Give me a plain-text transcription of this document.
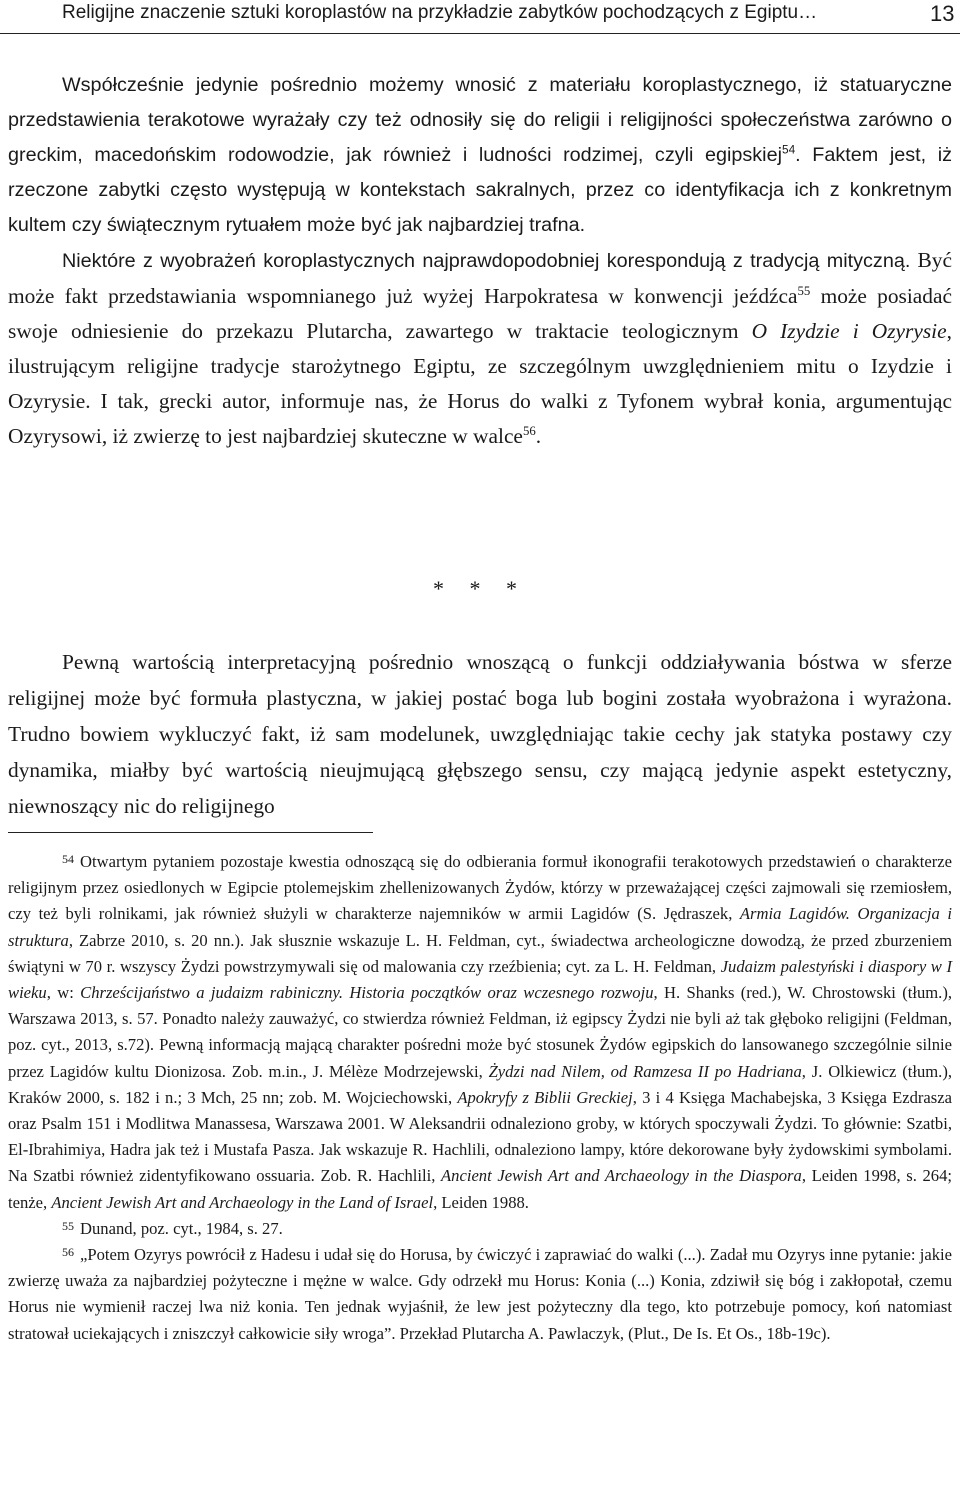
Religijne znaczenie sztuki koroplastów na przykładzie zabytków pochodzących z Egiptu…	13

Współcześnie jedynie pośrednio możemy wnosić z materiału koroplastycznego, iż statuaryczne przedstawienia terakotowe wyrażały czy też odnosiły się do religii i religijności społeczeństwa zarówno o greckim, macedońskim rodowodzie, jak również i ludności rodzimej, czyli egipskiej$^{54}$. Faktem jest, iż rzeczone zabytki często występują w kontekstach sakralnych, przez co identyfikacja ich z konkretnym kultem czy świątecznym rytuałem może być jak najbardziej trafna.

Niektóre z wyobrażeń koroplastycznych najprawdopodobniej korespondują z tradycją mityczną. Być może fakt przedstawiania wspomnianego już wyżej Harpokratesa w konwencji jeźdźca$^{55}$ może posiadać swoje odniesienie do przekazu Plutarcha, zawartego w traktacie teologicznym O Izydzie i Ozyrysie, ilustrującym religijne tradycje starożytnego Egiptu, ze szczególnym uwzględnieniem mitu o Izydzie i Ozyrysie. I tak, grecki autor, informuje nas, że Horus do walki z Tyfonem wybrał konia, argumentując Ozyrysowi, iż zwierzę to jest najbardziej skuteczne w walce$^{56}$.

* * *

Pewną wartością interpretacyjną pośrednio wnoszącą o funkcji oddziaływania bóstwa w sferze religijnej może być formuła plastyczna, w jakiej postać boga lub bogini została wyobrażona i wyrażona. Trudno bowiem wykluczyć fakt, iż sam modelunek, uwzględniając takie cechy jak statyka postawy czy dynamika, miałby być wartością nieujmującą głębszego sensu, czy mającą jedynie aspekt estetyczny, niewnoszący nic do religijnego

$^{54}$ Otwartym pytaniem pozostaje kwestia odnoszącą się do odbierania formuł ikonografii terakotowych przedstawień o charakterze religijnym przez osiedlonych w Egipcie ptolemejskim zhellenizowanych Żydów, którzy w przeważającej części zajmowali się rzemiosłem, czy też byli rolnikami, jak również służyli w charakterze najemników w armii Lagidów (S. Jędraszek, Armia Lagidów. Organizacja i struktura, Zabrze 2010, s. 20 nn.). Jak słusznie wskazuje L. H. Feldman, cyt., świadectwa archeologiczne dowodzą, że przed zburzeniem świątyni w 70 r. wszyscy Żydzi powstrzymywali się od malowania czy rzeźbienia; cyt. za L. H. Feldman, Judaizm palestyński i diaspory w I wieku, w: Chrześcijaństwo a judaizm rabiniczny. Historia początków oraz wczesnego rozwoju, H. Shanks (red.), W. Chrostowski (tłum.), Warszawa 2013, s. 57. Ponadto należy zauważyć, co stwierdza również Feldman, iż egipscy Żydzi nie byli aż tak głęboko religijni (Feldman, poz. cyt., 2013, s.72). Pewną informacją mającą charakter pośredni może być stosunek Żydów egipskich do lansowanego szczególnie silnie przez Lagidów kultu Dionizosa. Zob. m.in., J. Mélèze Modrzejewski, Żydzi nad Nilem, od Ramzesa II po Hadriana, J. Olkiewicz (tłum.), Kraków 2000, s. 182 i n.; 3 Mch, 25 nn; zob. M. Wojciechowski, Apokryfy z Biblii Greckiej, 3 i 4 Księga Machabejska, 3 Księga Ezdrasza oraz Psalm 151 i Modlitwa Manassesa, Warszawa 2001. W Aleksandrii odnaleziono groby, w których spoczywali Żydzi. To głównie: Szatbi, El-Ibrahimiya, Hadra jak też i Mustafa Pasza. Jak wskazuje R. Hachlili, odnaleziono lampy, które dekorowane były żydowskimi symbolami. Na Szatbi również zidentyfikowano ossuaria. Zob. R. Hachlili, Ancient Jewish Art and Archaeology in the Diaspora, Leiden 1998, s. 264; tenże, Ancient Jewish Art and Archaeology in the Land of Israel, Leiden 1988.

$^{55}$ Dunand, poz. cyt., 1984, s. 27.

$^{56}$ „Potem Ozyrys powrócił z Hadesu i udał się do Horusa, by ćwiczyć i zaprawiać do walki (...). Zadał mu Ozyrys inne pytanie: jakie zwierzę uważa za najbardziej pożyteczne i mężne w walce. Gdy odrzekł mu Horus: Konia (...) Konia, zdziwił się bóg i zakłopotał, czemu Horus nie wymienił raczej lwa niż konia. Ten jednak wyjaśnił, że lew jest pożyteczny dla tego, kto potrzebuje pomocy, koń natomiast stratował uciekających i zniszczył całkowicie siły wroga”. Przekład Plutarcha A. Pawlaczyk, (Plut., De Is. Et Os., 18b-19c).
